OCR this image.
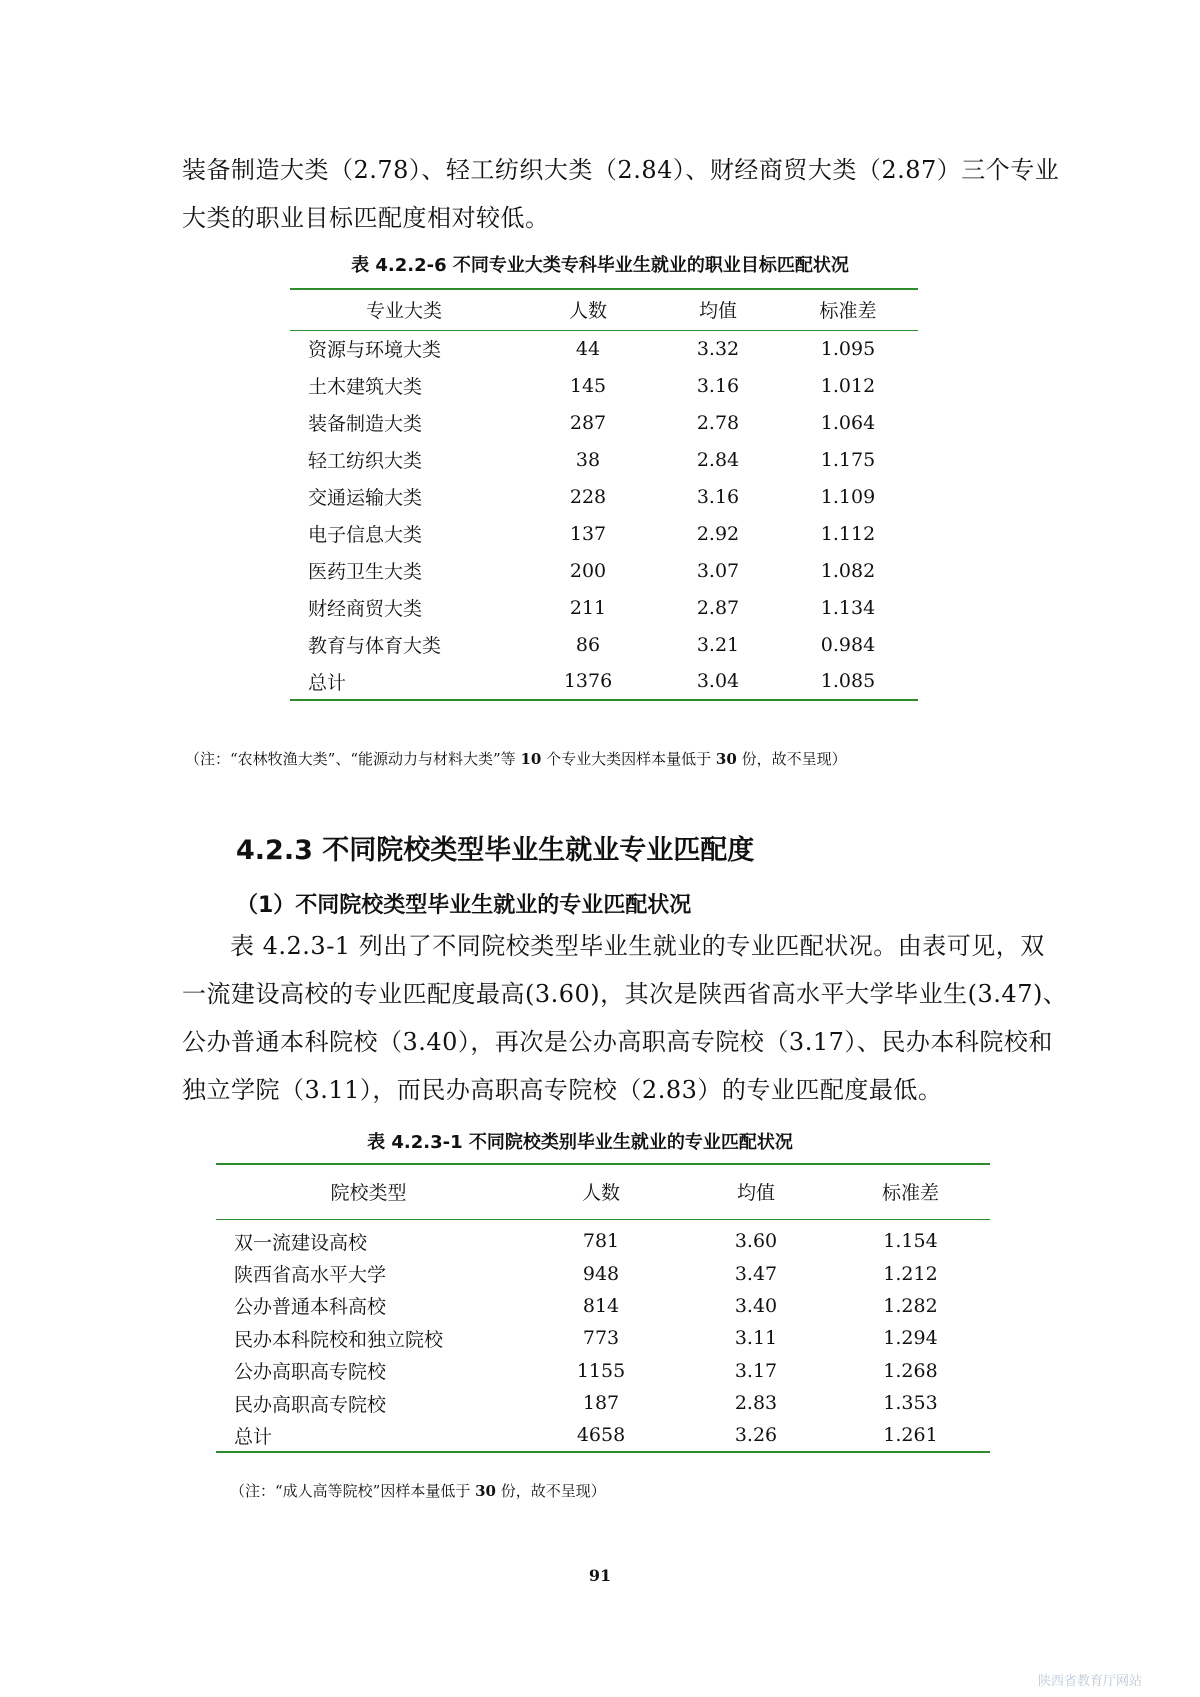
装备制造大类（2.78）、轻工纺织大类（2.84）、财经商贸大类（2.87）三个专业
大类的职业目标匹配度相对较低。

表 4.2.2-6 不同专业大类专科毕业生就业的职业目标匹配状况

专业大类	人数	均值	标准差
资源与环境大类	44	3.32	1.095
土木建筑大类	145	3.16	1.012
装备制造大类	287	2.78	1.064
轻工纺织大类	38	2.84	1.175
交通运输大类	228	3.16	1.109
电子信息大类	137	2.92	1.112
医药卫生大类	200	3.07	1.082
财经商贸大类	211	2.87	1.134
教育与体育大类	86	3.21	0.984
总计	1376	3.04	1.085

（注：“农林牧渔大类”、“能源动力与材料大类”等 10 个专业大类因样本量低于 30 份，故不呈现）

4.2.3 不同院校类型毕业生就业专业匹配度

（1）不同院校类型毕业生就业的专业匹配状况

表 4.2.3-1 列出了不同院校类型毕业生就业的专业匹配状况。由表可见，双
一流建设高校的专业匹配度最高(3.60)，其次是陕西省高水平大学毕业生(3.47)、
公办普通本科院校（3.40），再次是公办高职高专院校（3.17）、民办本科院校和
独立学院（3.11），而民办高职高专院校（2.83）的专业匹配度最低。

表 4.2.3-1 不同院校类别毕业生就业的专业匹配状况

院校类型	人数	均值	标准差
双一流建设高校	781	3.60	1.154
陕西省高水平大学	948	3.47	1.212
公办普通本科高校	814	3.40	1.282
民办本科院校和独立院校	773	3.11	1.294
公办高职高专院校	1155	3.17	1.268
民办高职高专院校	187	2.83	1.353
总计	4658	3.26	1.261

（注：“成人高等院校”因样本量低于 30 份，故不呈现）

91

陕西省教育厅网站
